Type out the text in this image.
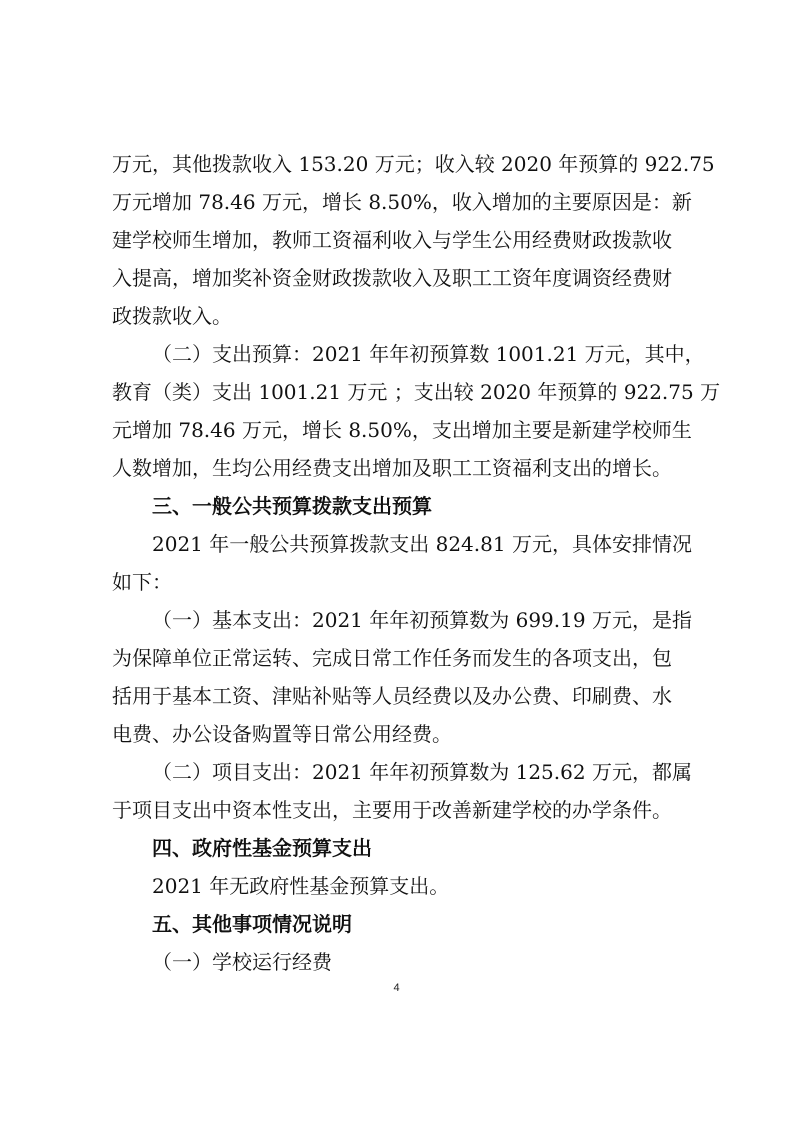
万元，其他拨款收入 153.20 万元；收入较 2020 年预算的 922.75
万元增加 78.46 万元，增长 8.50%，收入增加的主要原因是：新
建学校师生增加，教师工资福利收入与学生公用经费财政拨款收
入提高，增加奖补资金财政拨款收入及职工工资年度调资经费财
政拨款收入。
（二）支出预算：2021 年年初预算数 1001.21 万元，其中，
教育（类）支出 1001.21 万元 ；支出较 2020 年预算的 922.75 万
元增加 78.46 万元，增长 8.50%，支出增加主要是新建学校师生
人数增加，生均公用经费支出增加及职工工资福利支出的增长。
三、一般公共预算拨款支出预算
2021 年一般公共预算拨款支出 824.81 万元，具体安排情况
如下：
（一）基本支出：2021 年年初预算数为 699.19 万元，是指
为保障单位正常运转、完成日常工作任务而发生的各项支出，包
括用于基本工资、津贴补贴等人员经费以及办公费、印刷费、水
电费、办公设备购置等日常公用经费。
（二）项目支出：2021 年年初预算数为 125.62 万元，都属
于项目支出中资本性支出，主要用于改善新建学校的办学条件。
四、政府性基金预算支出
2021 年无政府性基金预算支出。
五、其他事项情况说明
（一）学校运行经费
4
